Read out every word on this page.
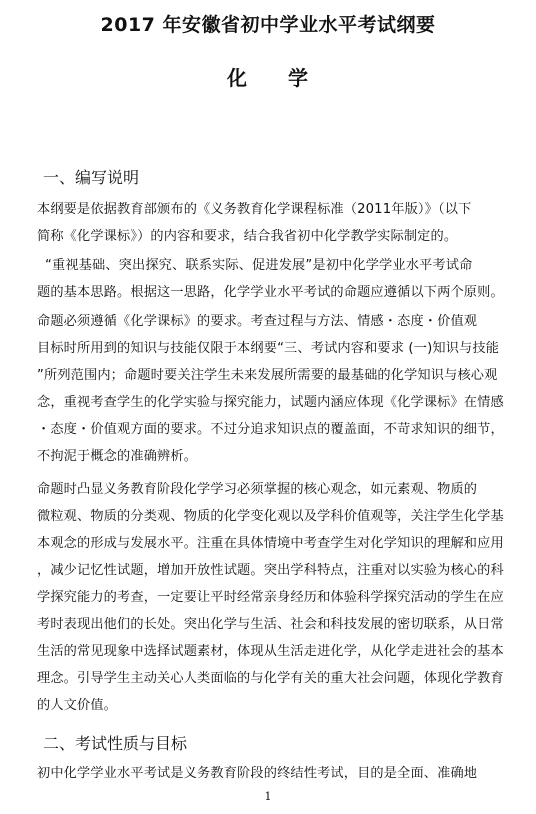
2017 年安徽省初中学业水平考试纲要
化 学
一、编写说明

本纲要是依据教育部颁布的《义务教育化学课程标准（2011年版）》（以下

简称《化学课标》）的内容和要求，结合我省初中化学教学实际制定的。

“重视基础、突出探究、联系实际、促进发展”是初中化学学业水平考试命

题的基本思路。根据这一思路，化学学业水平考试的命题应遵循以下两个原则。

命题必须遵循《化学课标》的要求。考查过程与方法、情感・态度・价值观

目标时所用到的知识与技能仅限于本纲要“三、考试内容和要求 (一)知识与技能

”所列范围内；命题时要关注学生未来发展所需要的最基础的化学知识与核心观

念，重视考查学生的化学实验与探究能力，试题内涵应体现《化学课标》在情感

・态度・价值观方面的要求。不过分追求知识点的覆盖面，不苛求知识的细节，

不拘泥于概念的准确辨析。

命题时凸显义务教育阶段化学学习必须掌握的核心观念，如元素观、物质的

微粒观、物质的分类观、物质的化学变化观以及学科价值观等，关注学生化学基

本观念的形成与发展水平。注重在具体情境中考查学生对化学知识的理解和应用

，减少记忆性试题，增加开放性试题。突出学科特点，注重对以实验为核心的科

学探究能力的考查，一定要让平时经常亲身经历和体验科学探究活动的学生在应

考时表现出他们的长处。突出化学与生活、社会和科技发展的密切联系，从日常

生活的常见现象中选择试题素材，体现从生活走进化学，从化学走进社会的基本

理念。引导学生主动关心人类面临的与化学有关的重大社会问题，体现化学教育

的人文价值。

二、考试性质与目标

初中化学学业水平考试是义务教育阶段的终结性考试，目的是全面、准确地

1
